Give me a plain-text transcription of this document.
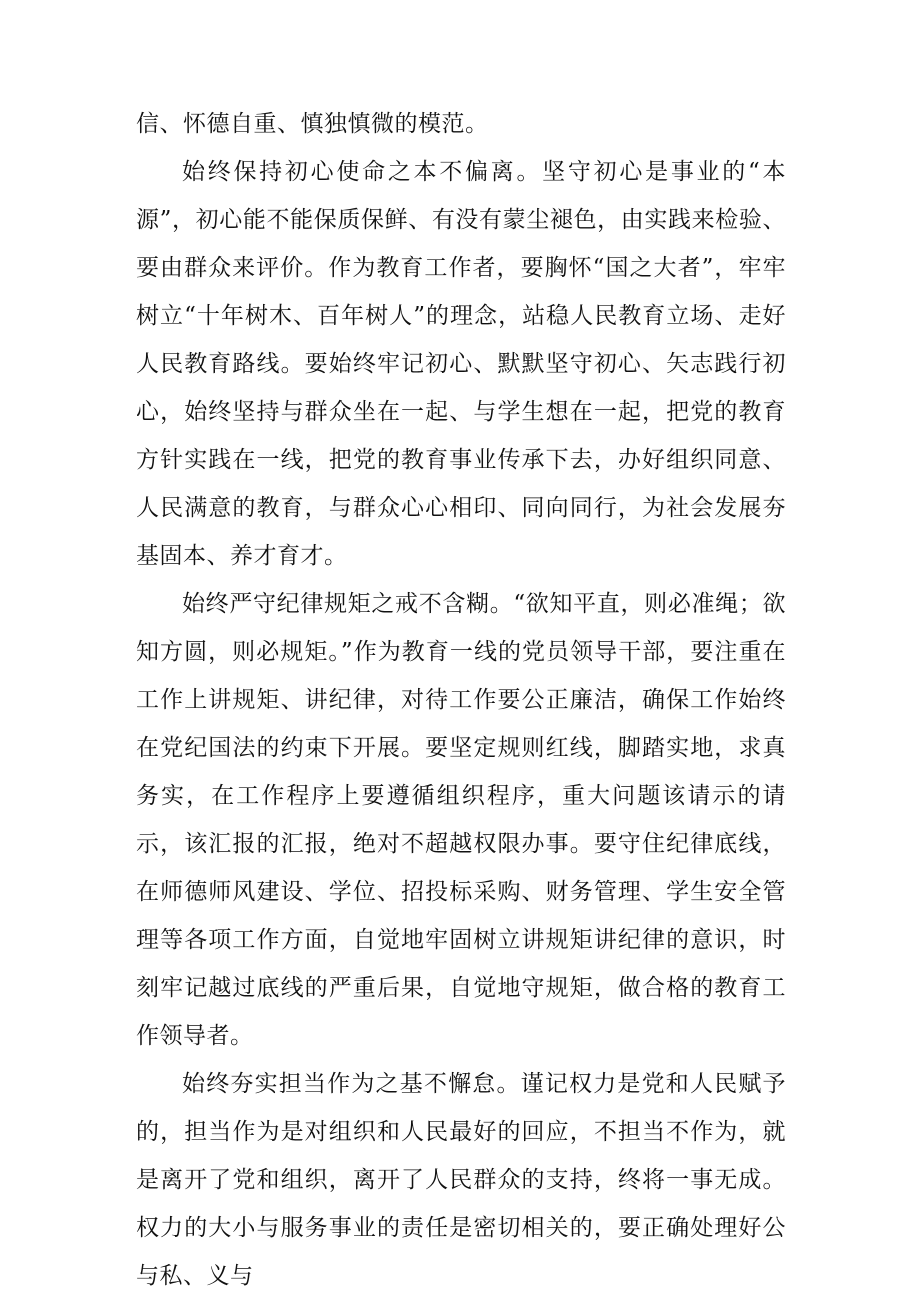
信、怀德自重、慎独慎微的模范。

始终保持初心使命之本不偏离。坚守初心是事业的“本源”，初心能不能保质保鲜、有没有蒙尘褪色，由实践来检验、要由群众来评价。作为教育工作者，要胸怀“国之大者”，牢牢树立“十年树木、百年树人”的理念，站稳人民教育立场、走好人民教育路线。要始终牢记初心、默默坚守初心、矢志践行初心，始终坚持与群众坐在一起、与学生想在一起，把党的教育方针实践在一线，把党的教育事业传承下去，办好组织同意、人民满意的教育，与群众心心相印、同向同行，为社会发展夯基固本、养才育才。

始终严守纪律规矩之戒不含糊。“欲知平直，则必准绳；欲知方圆，则必规矩。”作为教育一线的党员领导干部，要注重在工作上讲规矩、讲纪律，对待工作要公正廉洁，确保工作始终在党纪国法的约束下开展。要坚定规则红线，脚踏实地，求真务实，在工作程序上要遵循组织程序，重大问题该请示的请示，该汇报的汇报，绝对不超越权限办事。要守住纪律底线，在师德师风建设、学位、招投标采购、财务管理、学生安全管理等各项工作方面，自觉地牢固树立讲规矩讲纪律的意识，时刻牢记越过底线的严重后果，自觉地守规矩，做合格的教育工作领导者。

始终夯实担当作为之基不懈怠。谨记权力是党和人民赋予的，担当作为是对组织和人民最好的回应，不担当不作为，就是离开了党和组织，离开了人民群众的支持，终将一事无成。权力的大小与服务事业的责任是密切相关的，要正确处理好公与私、义与
